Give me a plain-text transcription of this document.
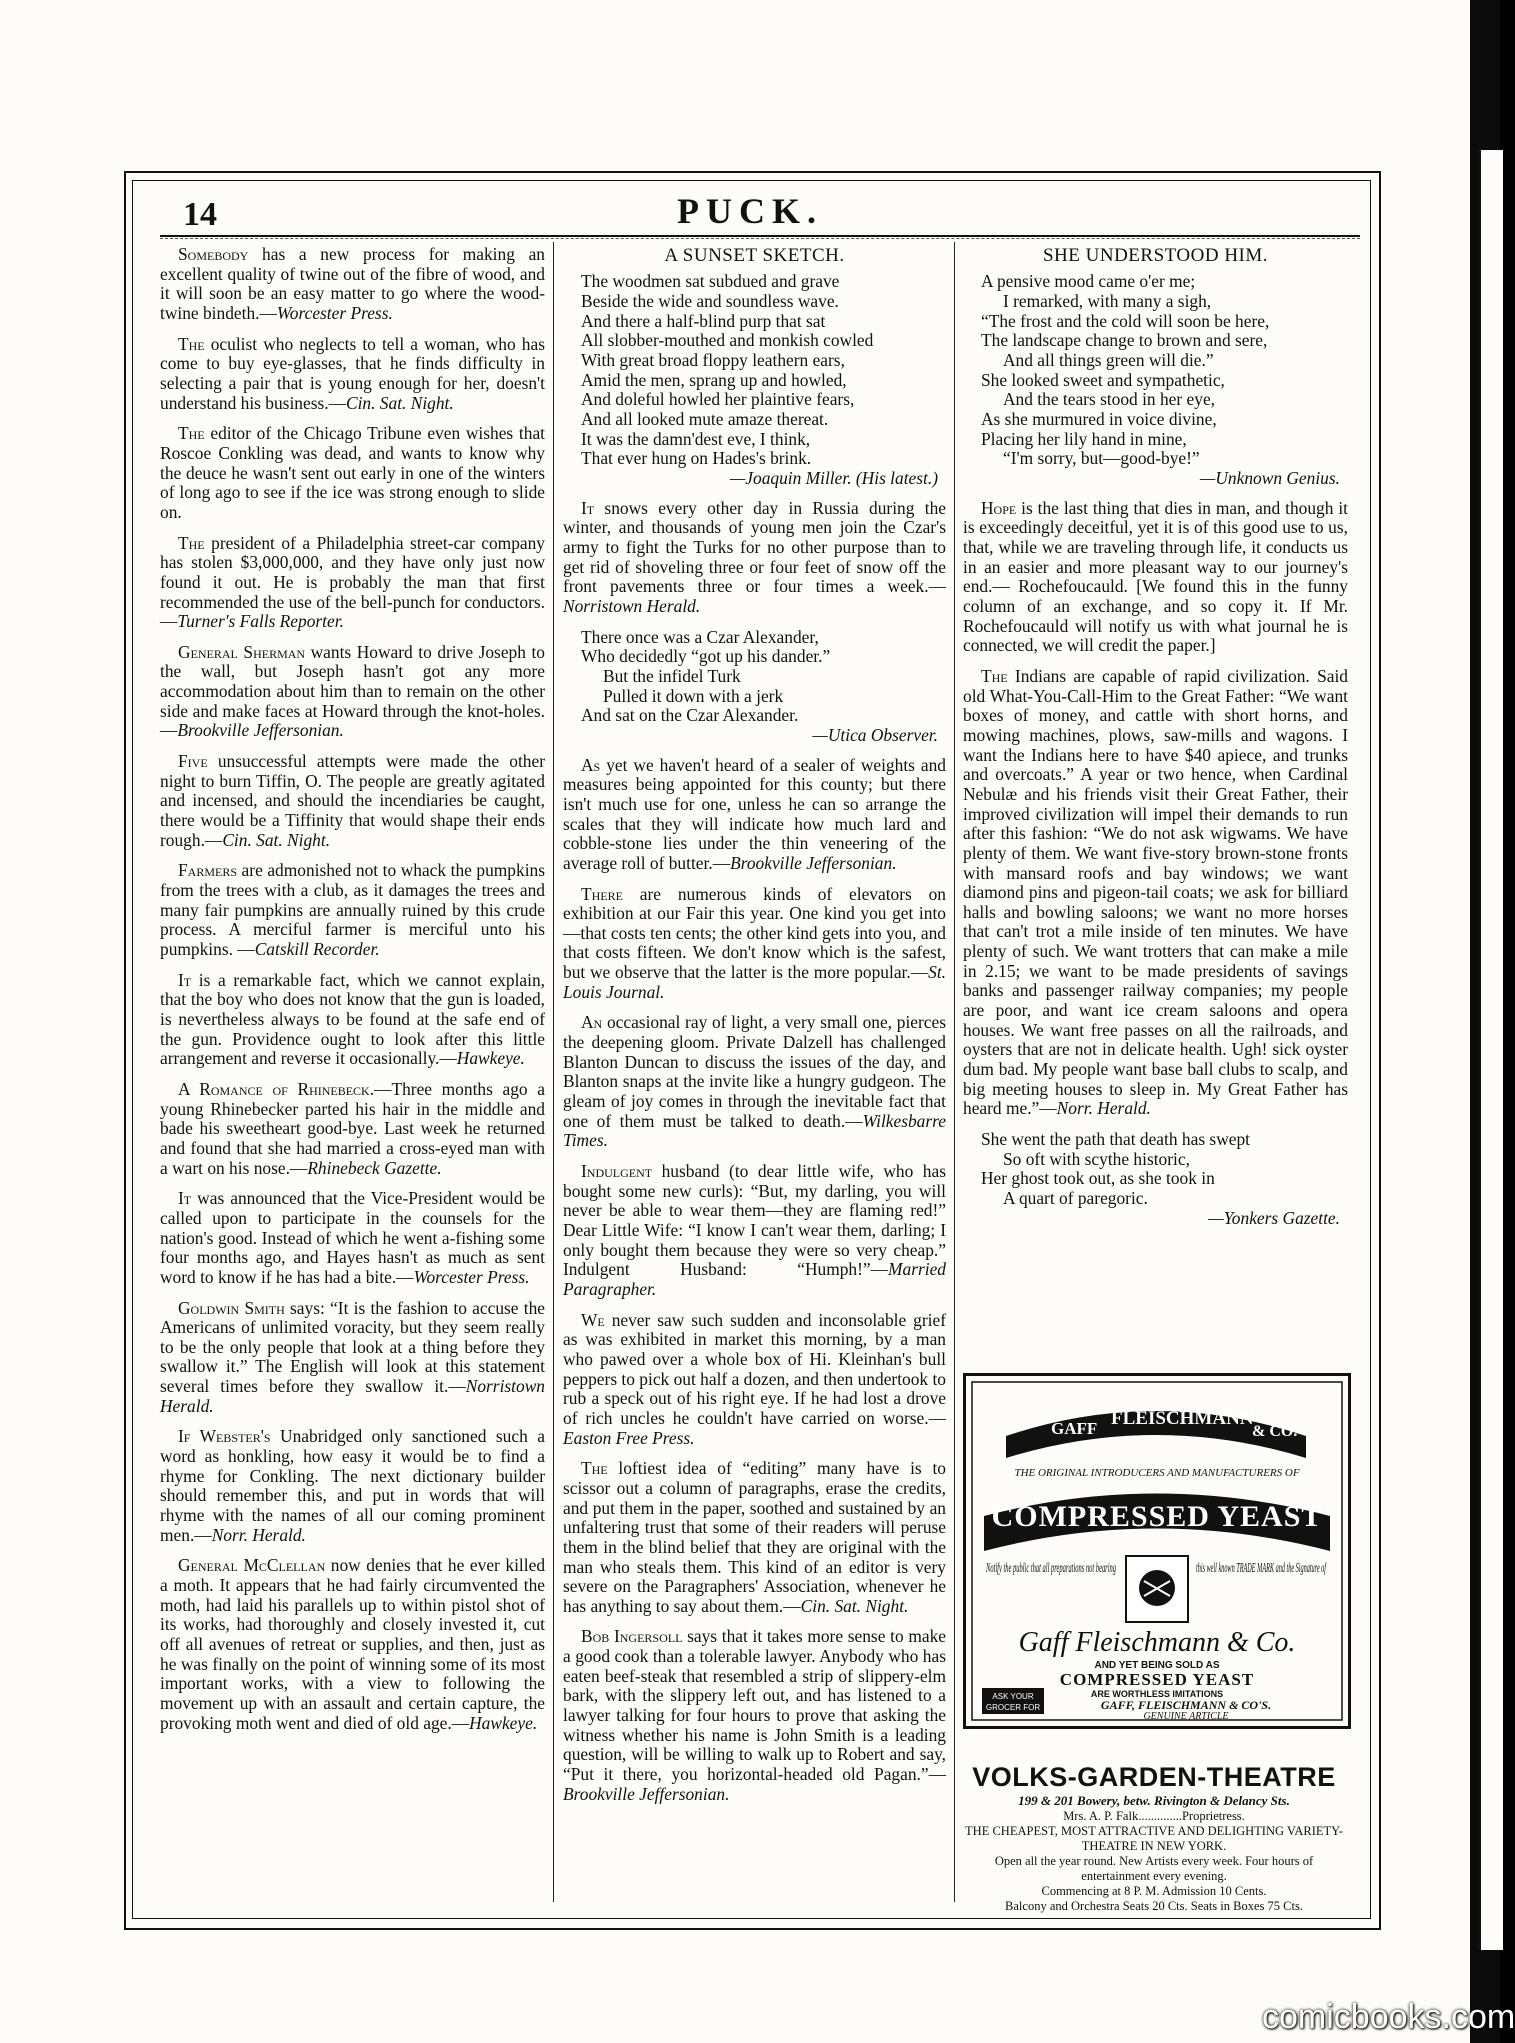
14	PUCK.

Somebody has a new process for making an excellent quality of twine out of the fibre of wood, and it will soon be an easy matter to go where the wood-twine bindeth.—Worcester Press.

The oculist who neglects to tell a woman, who has come to buy eye-glasses, that he finds difficulty in selecting a pair that is young enough for her, doesn't understand his business.—Cin. Sat. Night.

The editor of the Chicago Tribune even wishes that Roscoe Conkling was dead, and wants to know why the deuce he wasn't sent out early in one of the winters of long ago to see if the ice was strong enough to slide on.

The president of a Philadelphia street-car company has stolen $3,000,000, and they have only just now found it out. He is probably the man that first recommended the use of the bell-punch for conductors.—Turner's Falls Reporter.

General Sherman wants Howard to drive Joseph to the wall, but Joseph hasn't got any more accommodation about him than to remain on the other side and make faces at Howard through the knot-holes.—Brookville Jeffersonian.

Five unsuccessful attempts were made the other night to burn Tiffin, O. The people are greatly agitated and incensed, and should the incendiaries be caught, there would be a Tiffinity that would shape their ends rough.—Cin. Sat. Night.

Farmers are admonished not to whack the pumpkins from the trees with a club, as it damages the trees and many fair pumpkins are annually ruined by this crude process. A merciful farmer is merciful unto his pumpkins. —Catskill Recorder.

It is a remarkable fact, which we cannot explain, that the boy who does not know that the gun is loaded, is nevertheless always to be found at the safe end of the gun. Providence ought to look after this little arrangement and reverse it occasionally.—Hawkeye.

A Romance of Rhinebeck.—Three months ago a young Rhinebecker parted his hair in the middle and bade his sweetheart good-bye. Last week he returned and found that she had married a cross-eyed man with a wart on his nose.—Rhinebeck Gazette.

It was announced that the Vice-President would be called upon to participate in the counsels for the nation's good. Instead of which he went a-fishing some four months ago, and Hayes hasn't as much as sent word to know if he has had a bite.—Worcester Press.

Goldwin Smith says: “It is the fashion to accuse the Americans of unlimited voracity, but they seem really to be the only people that look at a thing before they swallow it.” The English will look at this statement several times before they swallow it.—Norristown Herald.

If Webster's Unabridged only sanctioned such a word as honkling, how easy it would be to find a rhyme for Conkling. The next dictionary builder should remember this, and put in words that will rhyme with the names of all our coming prominent men.—Norr. Herald.

General McClellan now denies that he ever killed a moth. It appears that he had fairly circumvented the moth, had laid his parallels up to within pistol shot of its works, had thoroughly and closely invested it, cut off all avenues of retreat or supplies, and then, just as he was finally on the point of winning some of its most important works, with a view to following the movement up with an assault and certain capture, the provoking moth went and died of old age.—Hawkeye.

A SUNSET SKETCH.
The woodmen sat subdued and grave
Beside the wide and soundless wave.
And there a half-blind purp that sat
All slobber-mouthed and monkish cowled
With great broad floppy leathern ears,
Amid the men, sprang up and howled,
And doleful howled her plaintive fears,
And all looked mute amaze thereat.
It was the damn'dest eve, I think,
That ever hung on Hades's brink.
—Joaquin Miller. (His latest.)

It snows every other day in Russia during the winter, and thousands of young men join the Czar's army to fight the Turks for no other purpose than to get rid of shoveling three or four feet of snow off the front pavements three or four times a week.—Norristown Herald.

There once was a Czar Alexander,
Who decidedly “got up his dander.”
But the infidel Turk
Pulled it down with a jerk
And sat on the Czar Alexander.
—Utica Observer.

As yet we haven't heard of a sealer of weights and measures being appointed for this county; but there isn't much use for one, unless he can so arrange the scales that they will indicate how much lard and cobble-stone lies under the thin veneering of the average roll of butter.—Brookville Jeffersonian.

There are numerous kinds of elevators on exhibition at our Fair this year. One kind you get into—that costs ten cents; the other kind gets into you, and that costs fifteen. We don't know which is the safest, but we observe that the latter is the more popular.—St. Louis Journal.

An occasional ray of light, a very small one, pierces the deepening gloom. Private Dalzell has challenged Blanton Duncan to discuss the issues of the day, and Blanton snaps at the invite like a hungry gudgeon. The gleam of joy comes in through the inevitable fact that one of them must be talked to death.—Wilkesbarre Times.

Indulgent husband (to dear little wife, who has bought some new curls): “But, my darling, you will never be able to wear them—they are flaming red!” Dear Little Wife: “I know I can't wear them, darling; I only bought them because they were so very cheap.” Indulgent Husband: “Humph!”—Married Paragrapher.

We never saw such sudden and inconsolable grief as was exhibited in market this morning, by a man who pawed over a whole box of Hi. Kleinhan's bull peppers to pick out half a dozen, and then undertook to rub a speck out of his right eye. If he had lost a drove of rich uncles he couldn't have carried on worse.—Easton Free Press.

The loftiest idea of “editing” many have is to scissor out a column of paragraphs, erase the credits, and put them in the paper, soothed and sustained by an unfaltering trust that some of their readers will peruse them in the blind belief that they are original with the man who steals them. This kind of an editor is very severe on the Paragraphers' Association, whenever he has anything to say about them.—Cin. Sat. Night.

Bob Ingersoll says that it takes more sense to make a good cook than a tolerable lawyer. Anybody who has eaten beef-steak that resembled a strip of slippery-elm bark, with the slippery left out, and has listened to a lawyer talking for four hours to prove that asking the witness whether his name is John Smith is a leading question, will be willing to walk up to Robert and say, “Put it there, you horizontal-headed old Pagan.”—Brookville Jeffersonian.

SHE UNDERSTOOD HIM.
A pensive mood came o'er me;
I remarked, with many a sigh,
“The frost and the cold will soon be here,
The landscape change to brown and sere,
And all things green will die.”
She looked sweet and sympathetic,
And the tears stood in her eye,
As she murmured in voice divine,
Placing her lily hand in mine,
“I'm sorry, but—good-bye!”
—Unknown Genius.

Hope is the last thing that dies in man, and though it is exceedingly deceitful, yet it is of this good use to us, that, while we are traveling through life, it conducts us in an easier and more pleasant way to our journey's end.— Rochefoucauld. [We found this in the funny column of an exchange, and so copy it. If Mr. Rochefoucauld will notify us with what journal he is connected, we will credit the paper.]

The Indians are capable of rapid civilization. Said old What-You-Call-Him to the Great Father: “We want boxes of money, and cattle with short horns, and mowing machines, plows, saw-mills and wagons. I want the Indians here to have $40 apiece, and trunks and overcoats.” A year or two hence, when Cardinal Nebulæ and his friends visit their Great Father, their improved civilization will impel their demands to run after this fashion: “We do not ask wigwams. We have plenty of them. We want five-story brown-stone fronts with mansard roofs and bay windows; we want diamond pins and pigeon-tail coats; we ask for billiard halls and bowling saloons; we want no more horses that can't trot a mile inside of ten minutes. We have plenty of such. We want trotters that can make a mile in 2.15; we want to be made presidents of savings banks and passenger railway companies; my people are poor, and want ice cream saloons and opera houses. We want free passes on all the railroads, and oysters that are not in delicate health. Ugh! sick oyster dum bad. My people want base ball clubs to scalp, and big meeting houses to sleep in. My Great Father has heard me.”—Norr. Herald.

She went the path that death has swept
So oft with scythe historic,
Her ghost took out, as she took in
A quart of paregoric.
—Yonkers Gazette.
GAFF FLEISCHMANN
& CO.
THE ORIGINAL INTRODUCERS AND MANUFACTURERS OF
COMPRESSED YEAST
Notify the public that all preparations not bearing	this well known TRADE MARK and the Signature of
Gaff Fleischmann & Co.
AND YET BEING SOLD AS
COMPRESSED YEAST
ARE WORTHLESS IMITATIONS
ASK YOUR
GROCER FOR	GAFF, FLEISCHMANN & CO'S.
GENUINE ARTICLE
VOLKS-GARDEN-THEATRE
199 & 201 Bowery, betw. Rivington & Delancy Sts.
Mrs. A. P. Falk..............Proprietress.
THE CHEAPEST, MOST ATTRACTIVE AND DELIGHTING VARIETY-THEATRE IN NEW YORK.
Open all the year round. New Artists every week. Four hours of entertainment every evening.
Commencing at 8 P. M. Admission 10 Cents.
Balcony and Orchestra Seats 20 Cts. Seats in Boxes 75 Cts.
comicbooks.com
